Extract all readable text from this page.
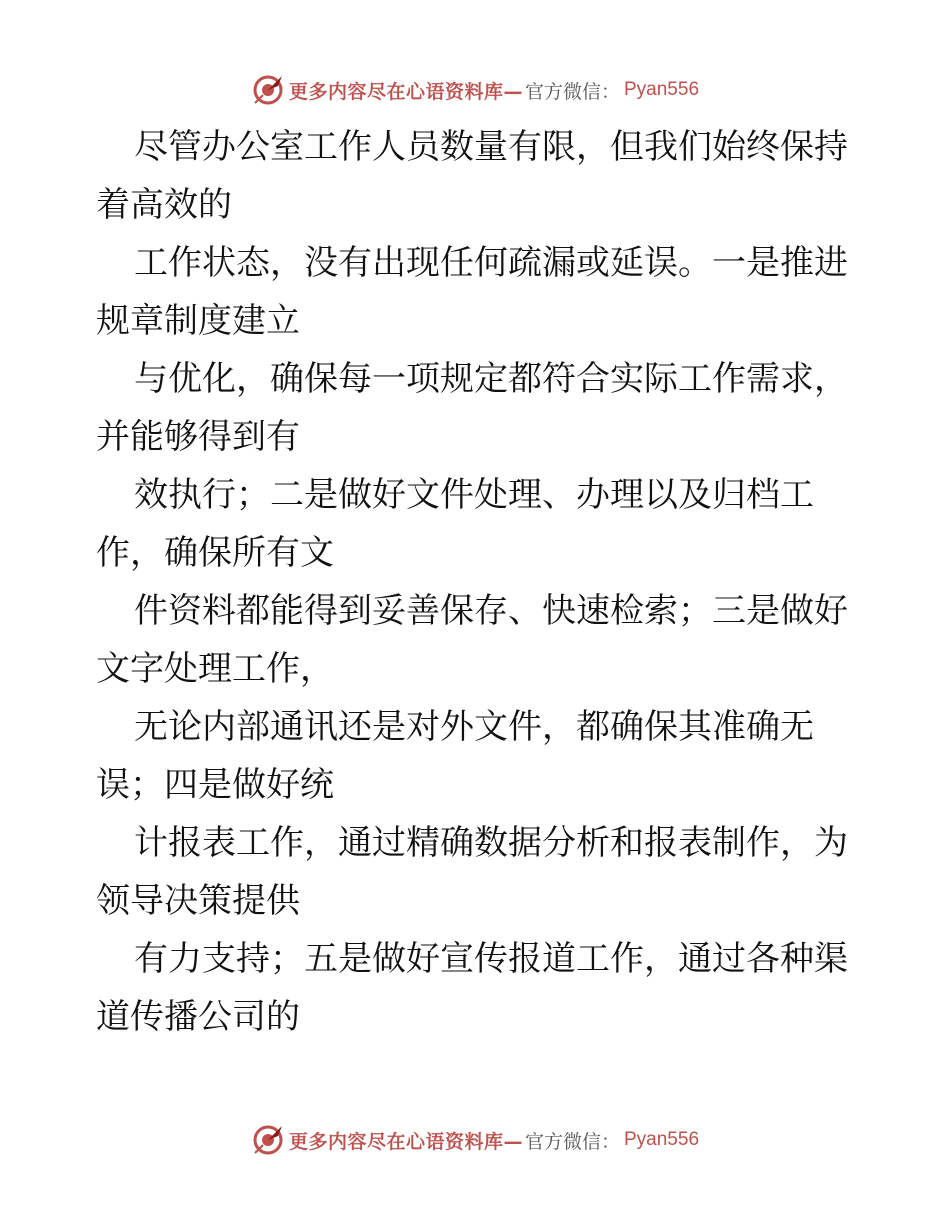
更多内容尽在心语资料库— 官方微信： Pyan556

尽管办公室工作人员数量有限，但我们始终保持
着高效的

工作状态，没有出现任何疏漏或延误。一是推进
规章制度建立

与优化，确保每一项规定都符合实际工作需求，
并能够得到有

效执行；二是做好文件处理、办理以及归档工
作，确保所有文

件资料都能得到妥善保存、快速检索；三是做好
文字处理工作，

无论内部通讯还是对外文件，都确保其准确无
误；四是做好统

计报表工作，通过精确数据分析和报表制作，为
领导决策提供

有力支持；五是做好宣传报道工作，通过各种渠
道传播公司的

更多内容尽在心语资料库— 官方微信： Pyan556
